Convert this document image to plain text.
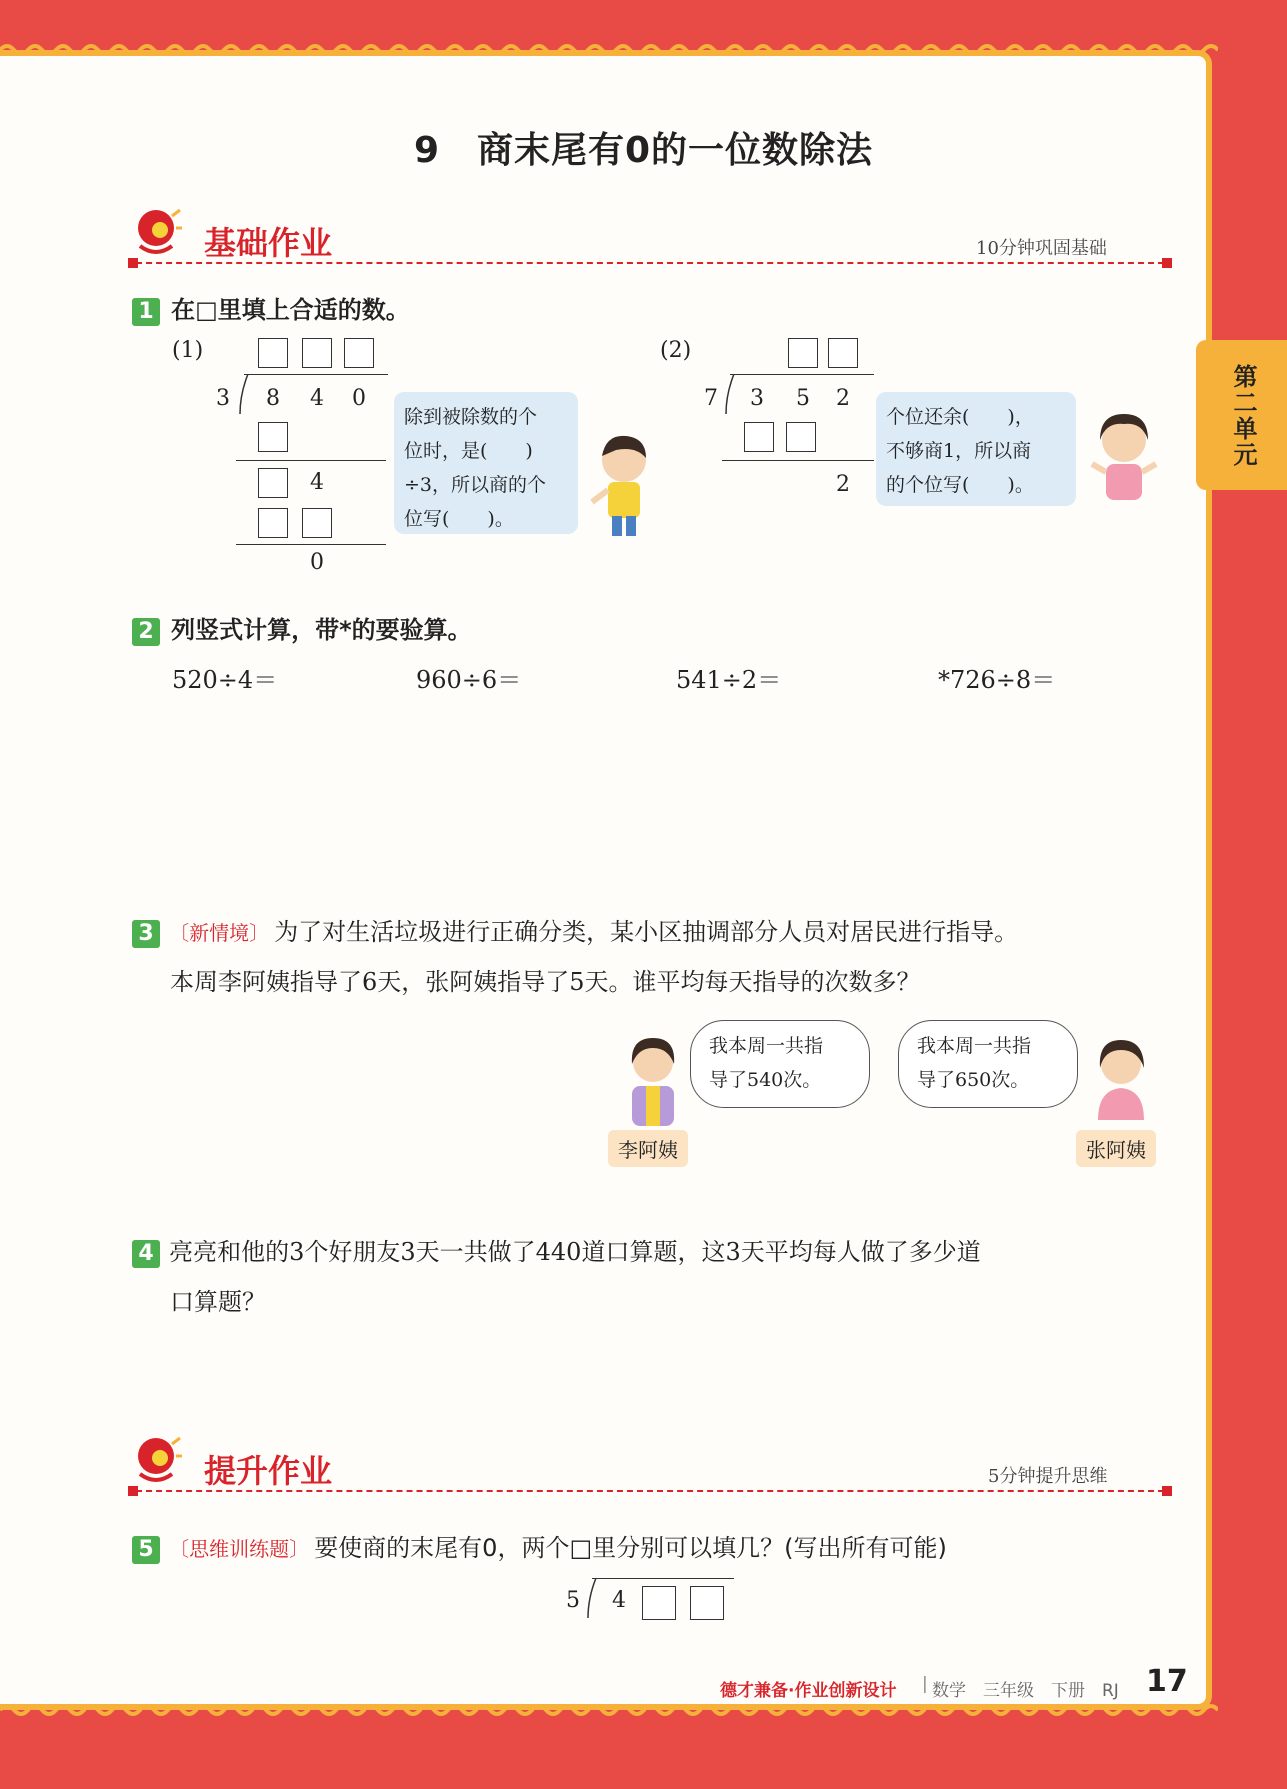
第二单元
9　商末尾有0的一位数除法
基础作业	10分钟巩固基础
1 在□里填上合适的数。
(1)
3 8 4 0
4
0
除到被除数的个
位时，是(　　)
÷3，所以商的个
位写(　　)。
(2)
7 3 5 2
2
个位还余(　　)，
不够商1，所以商
的个位写(　　)。
2 列竖式计算，带*的要验算。
520÷4＝	960÷6＝	541÷2＝	*726÷8＝
3 〔新情境〕 为了对生活垃圾进行正确分类，某小区抽调部分人员对居民进行指导。
本周李阿姨指导了6天，张阿姨指导了5天。谁平均每天指导的次数多？
我本周一共指
导了540次。
我本周一共指
导了650次。
李阿姨	张阿姨
4 亮亮和他的3个好朋友3天一共做了440道口算题，这3天平均每人做了多少道
口算题？
提升作业	5分钟提升思维
5 〔思维训练题〕 要使商的末尾有0，两个□里分别可以填几？(写出所有可能)
5 4
德才兼备·作业创新设计 | 数学　三年级　下册　RJ 17
